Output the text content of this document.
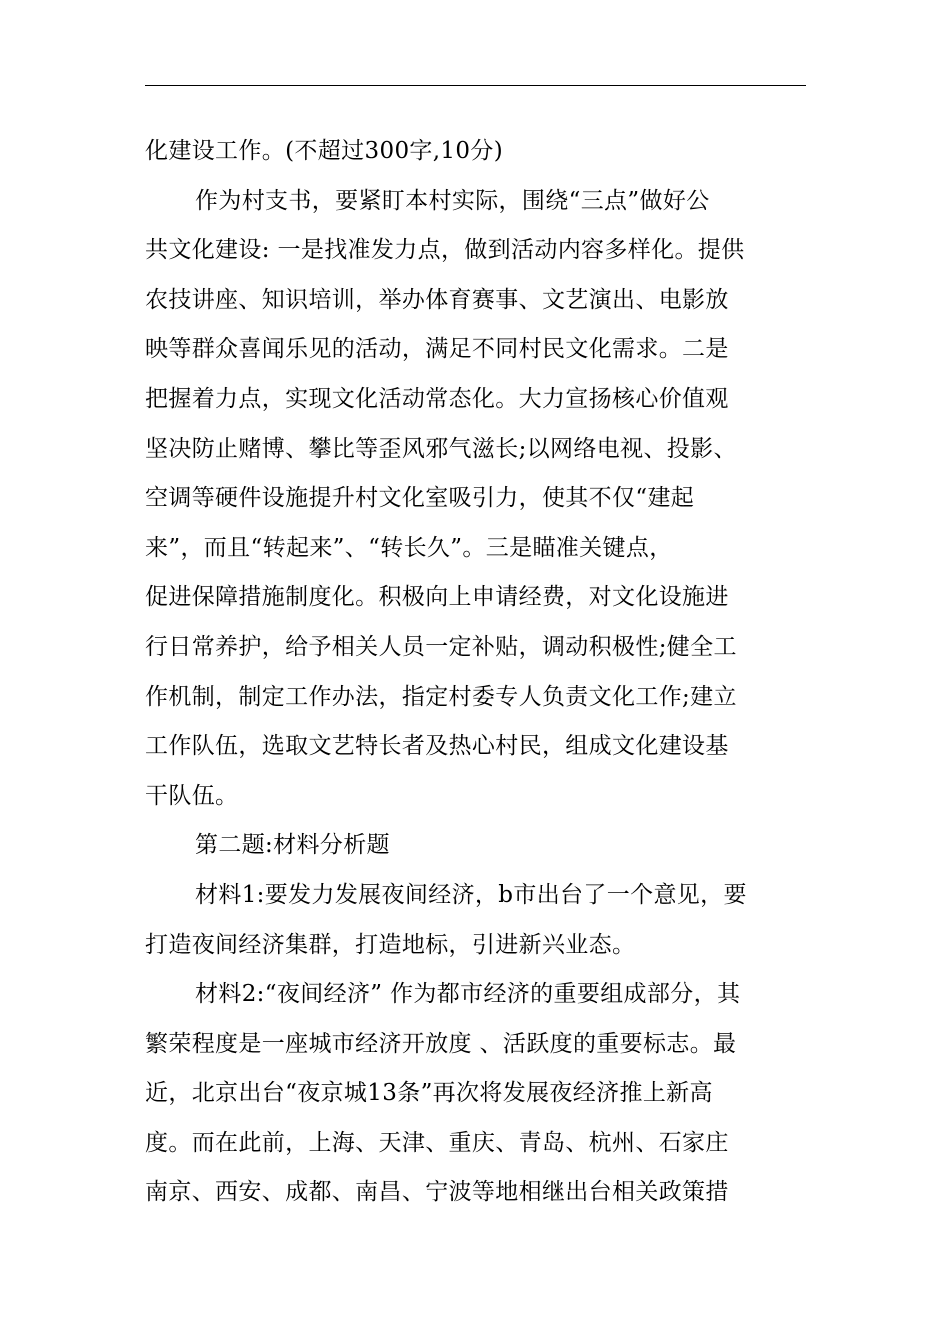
化建设工作。(不超过300字,10分)
作为村支书，要紧盯本村实际，围绕“三点”做好公
共文化建设: 一是找准发力点，做到活动内容多样化。提供
农技讲座、知识培训，举办体育赛事、文艺演出、电影放
映等群众喜闻乐见的活动，满足不同村民文化需求。二是
把握着力点，实现文化活动常态化。大力宣扬核心价值观
坚决防止赌博、攀比等歪风邪气滋长;以网络电视、投影、
空调等硬件设施提升村文化室吸引力，使其不仅“建起
来”，而且“转起来”、“转长久”。三是瞄准关键点，
促进保障措施制度化。积极向上申请经费，对文化设施进
行日常养护，给予相关人员一定补贴，调动积极性;健全工
作机制，制定工作办法，指定村委专人负责文化工作;建立
工作队伍，选取文艺特长者及热心村民，组成文化建设基
干队伍。
第二题:材料分析题
材料1:要发力发展夜间经济，b市出台了一个意见，要
打造夜间经济集群，打造地标，引进新兴业态。
材料2:“夜间经济” 作为都市经济的重要组成部分，其
繁荣程度是一座城市经济开放度 、活跃度的重要标志。最
近，北京出台“夜京城13条”再次将发展夜经济推上新高
度。而在此前，上海、天津、重庆、青岛、杭州、石家庄
南京、西安、成都、南昌、宁波等地相继出台相关政策措
